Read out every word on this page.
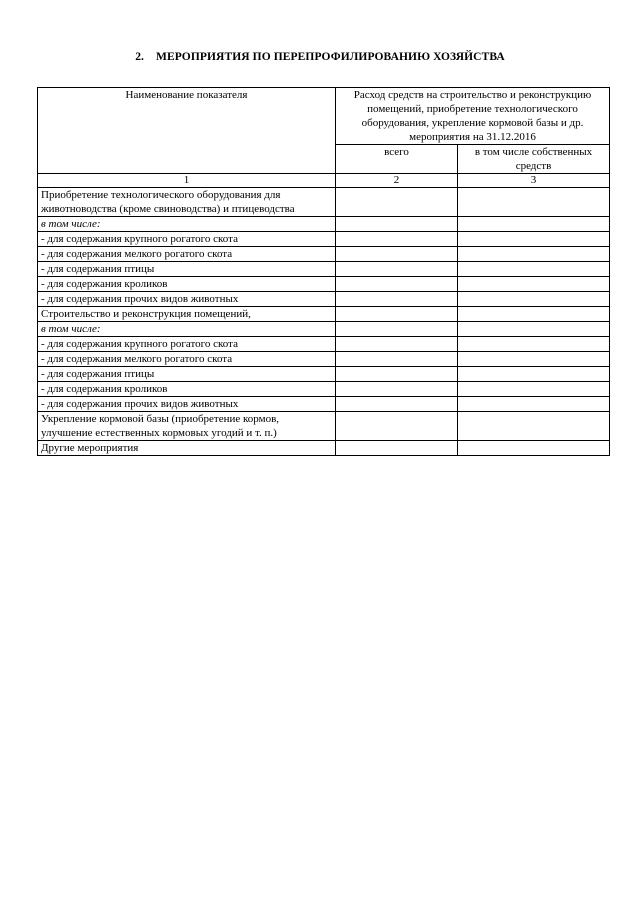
2. МЕРОПРИЯТИЯ ПО ПЕРЕПРОФИЛИРОВАНИЮ ХОЗЯЙСТВА
Наименование показателя	Расход средств на строительство и реконструкцию помещений, приобретение технологического оборудования, укрепление кормовой базы и др. мероприятия на 31.12.2016	
	всего	в том числе собственных средств
1	2	3
Приобретение технологического оборудования для животноводства (кроме свиноводства) и птицеводства		
в том числе:		
- для содержания крупного рогатого скота		
- для содержания мелкого рогатого скота		
- для содержания птицы		
- для содержания кроликов		
- для содержания прочих видов животных		
Строительство и реконструкция помещений,		
в том числе:		
- для содержания крупного рогатого скота		
- для содержания мелкого рогатого скота		
- для содержания птицы		
- для содержания кроликов		
- для содержания прочих видов животных		
Укрепление кормовой базы (приобретение кормов, улучшение естественных кормовых угодий и т. п.)		
Другие мероприятия		
